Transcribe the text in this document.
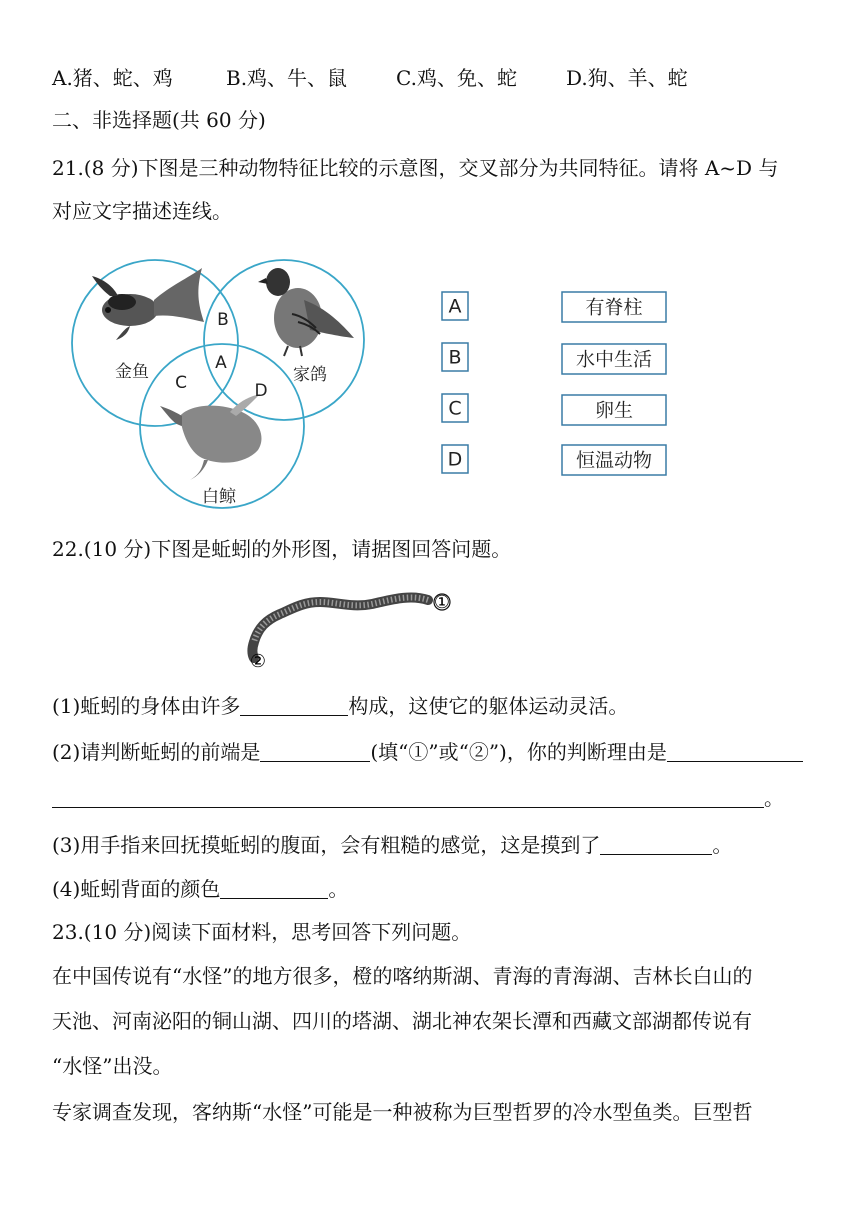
A.猪、蛇、鸡	B.鸡、牛、鼠 C.鸡、免、蛇 D.狗、羊、蛇
二、非选择题(共 60 分)
21.(8 分)下图是三种动物特征比较的示意图，交叉部分为共同特征。请将 A~D 与
对应文字描述连线。
B
A
C	D
金鱼	家鸽
白鲸
A
B
C
D
有脊柱
水中生活
卵生
恒温动物
22.(10 分)下图是蚯蚓的外形图，请据图回答问题。
①
②
(1)蚯蚓的身体由许多	构成，这使它的躯体运动灵活。
(2)请判断蚯蚓的前端是	(填“①”或“②”)，你的判断理由是
。
(3)用手指来回抚摸蚯蚓的腹面，会有粗糙的感觉，这是摸到了	。
(4)蚯蚓背面的颜色	。
23.(10 分)阅读下面材料，思考回答下列问题。
在中国传说有“水怪”的地方很多，橙的喀纳斯湖、青海的青海湖、吉林长白山的
天池、河南泌阳的铜山湖、四川的塔湖、湖北神农架长潭和西藏文部湖都传说有
“水怪”出没。
专家调查发现，客纳斯“水怪”可能是一种被称为巨型哲罗的冷水型鱼类。巨型哲
